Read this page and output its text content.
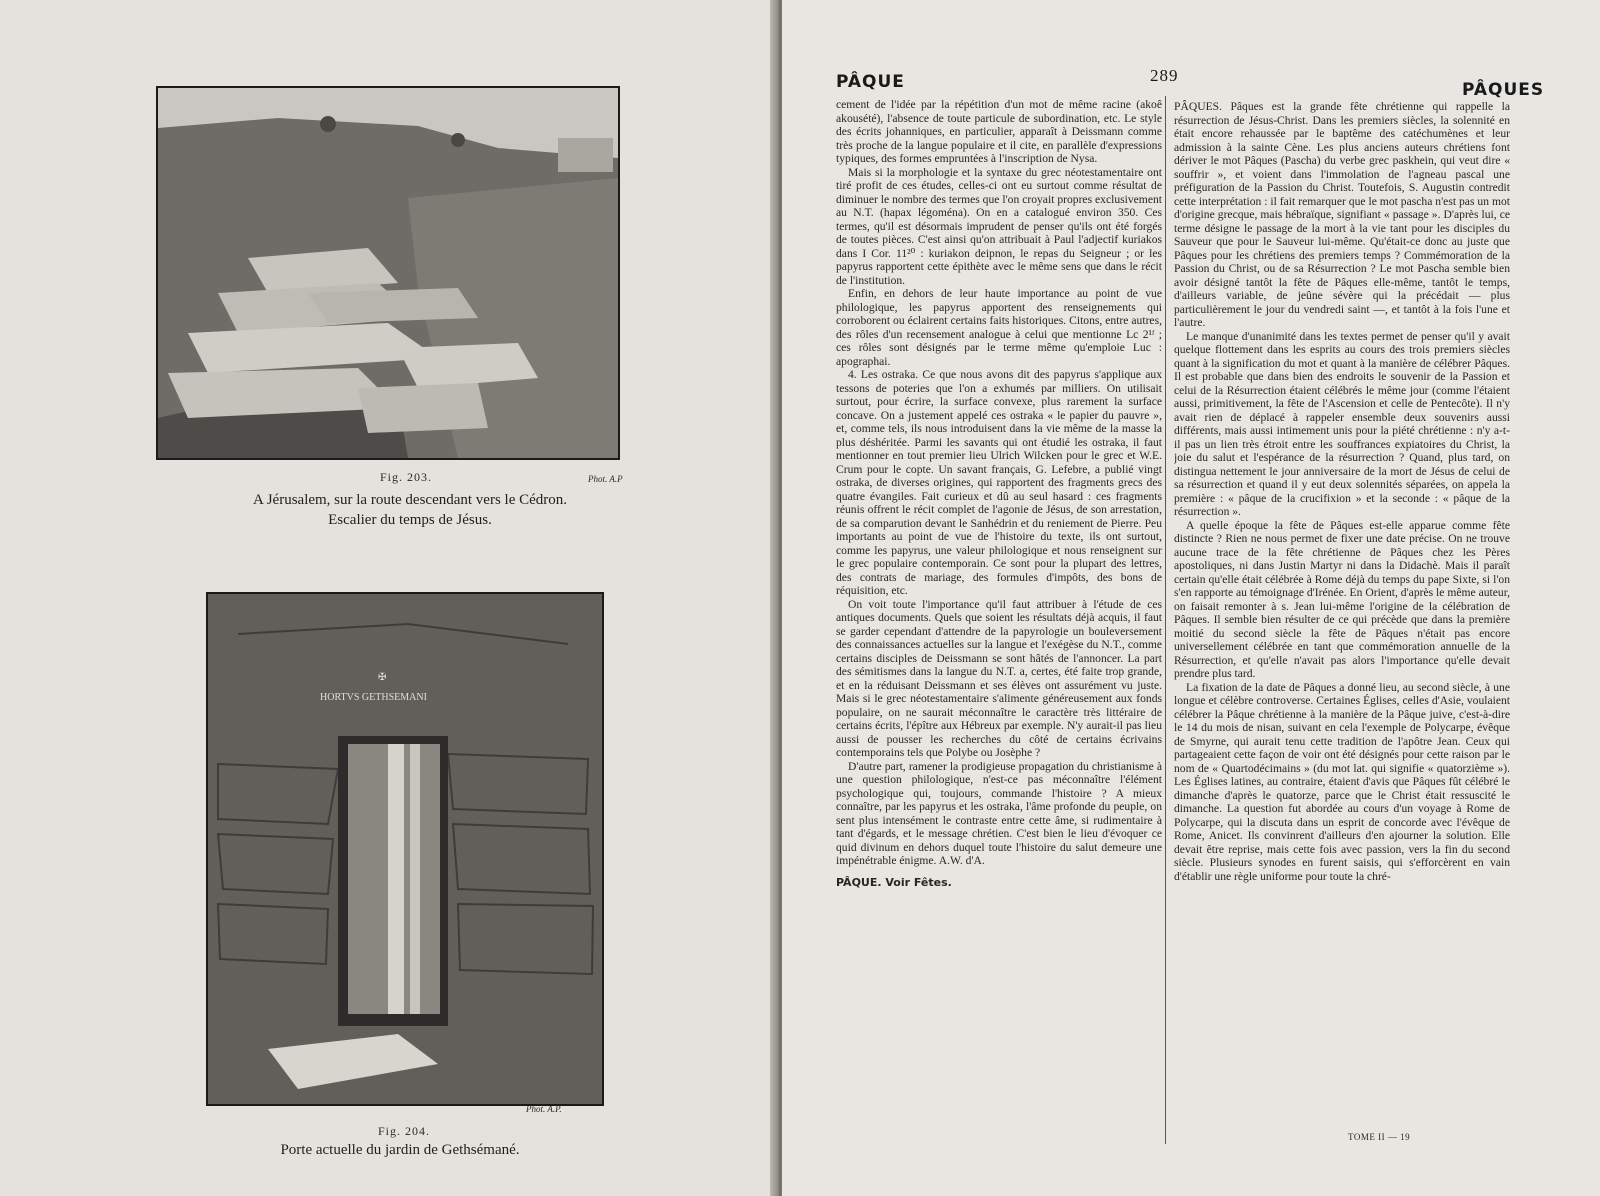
Fig. 203.	Phot. A.P
A Jérusalem, sur la route descendant vers le Cédron.
Escalier du temps de Jésus.
✠
HORTVS GETHSEMANI
Phot. A.P.
Fig. 204.
Porte actuelle du jardin de Gethsémané.
PÂQUE	289
PÂQUES

cement de l'idée par la répétition d'un mot de même racine (akoê akousété), l'absence de toute particule de subordination, etc. Le style des écrits johanniques, en particulier, apparaît à Deissmann comme très proche de la langue populaire et il cite, en parallèle d'expressions typiques, des formes empruntées à l'inscription de Nysa.

Mais si la morphologie et la syntaxe du grec néotestamentaire ont tiré profit de ces études, celles-ci ont eu surtout comme résultat de diminuer le nombre des termes que l'on croyait propres exclusivement au N.T. (hapax légoména). On en a catalogué environ 350. Ces termes, qu'il est désormais imprudent de penser qu'ils ont été forgés de toutes pièces. C'est ainsi qu'on attribuait à Paul l'adjectif kuriakos dans I Cor. 11²⁰ : kuriakon deipnon, le repas du Seigneur ; or les papyrus rapportent cette épithète avec le même sens que dans le récit de l'institution.

Enfin, en dehors de leur haute importance au point de vue philologique, les papyrus apportent des renseignements qui corroborent ou éclairent certains faits historiques. Citons, entre autres, des rôles d'un recensement analogue à celui que mentionne Lc 2¹ᶠ ; ces rôles sont désignés par le terme même qu'emploie Luc : apographai.

4. Les ostraka. Ce que nous avons dit des papyrus s'applique aux tessons de poteries que l'on a exhumés par milliers. On utilisait surtout, pour écrire, la surface convexe, plus rarement la surface concave. On a justement appelé ces ostraka « le papier du pauvre », et, comme tels, ils nous introduisent dans la vie même de la masse la plus déshéritée. Parmi les savants qui ont étudié les ostraka, il faut mentionner en tout premier lieu Ulrich Wilcken pour le grec et W.E. Crum pour le copte. Un savant français, G. Lefebre, a publié vingt ostraka, de diverses origines, qui rapportent des fragments grecs des quatre évangiles. Fait curieux et dû au seul hasard : ces fragments réunis offrent le récit complet de l'agonie de Jésus, de son arrestation, de sa comparution devant le Sanhédrin et du reniement de Pierre. Peu importants au point de vue de l'histoire du texte, ils ont surtout, comme les papyrus, une valeur philologique et nous renseignent sur le grec populaire contemporain. Ce sont pour la plupart des lettres, des contrats de mariage, des formules d'impôts, des bons de réquisition, etc.

On voit toute l'importance qu'il faut attribuer à l'étude de ces antiques documents. Quels que soient les résultats déjà acquis, il faut se garder cependant d'attendre de la papyrologie un bouleversement des connaissances actuelles sur la langue et l'exégèse du N.T., comme certains disciples de Deissmann se sont hâtés de l'annoncer. La part des sémitismes dans la langue du N.T. a, certes, été faite trop grande, et en la réduisant Deissmann et ses élèves ont assurément vu juste. Mais si le grec néotestamentaire s'alimente généreusement aux fonds populaire, on ne saurait méconnaître le caractère très littéraire de certains écrits, l'épître aux Hébreux par exemple. N'y aurait-il pas lieu aussi de pousser les recherches du côté de certains écrivains contemporains tels que Polybe ou Josèphe ?

D'autre part, ramener la prodigieuse propagation du christianisme à une question philologique, n'est-ce pas méconnaître l'élément psychologique qui, toujours, commande l'histoire ? A mieux connaître, par les papyrus et les ostraka, l'âme profonde du peuple, on sent plus intensément le contraste entre cette âme, si rudimentaire à tant d'égards, et le message chrétien. C'est bien le lieu d'évoquer ce quid divinum en dehors duquel toute l'histoire du salut demeure une impénétrable énigme. A.W. d'A.

PÂQUE. Voir Fêtes.

PÂQUES. Pâques est la grande fête chrétienne qui rappelle la résurrection de Jésus-Christ. Dans les premiers siècles, la solennité en était encore rehaussée par le baptême des catéchumènes et leur admission à la sainte Cène. Les plus anciens auteurs chrétiens font dériver le mot Pâques (Pascha) du verbe grec paskhein, qui veut dire « souffrir », et voient dans l'immolation de l'agneau pascal une préfiguration de la Passion du Christ. Toutefois, S. Augustin contredit cette interprétation : il fait remarquer que le mot pascha n'est pas un mot d'origine grecque, mais hébraïque, signifiant « passage ». D'après lui, ce terme désigne le passage de la mort à la vie tant pour les disciples du Sauveur que pour le Sauveur lui-même. Qu'était-ce donc au juste que Pâques pour les chrétiens des premiers temps ? Commémoration de la Passion du Christ, ou de sa Résurrection ? Le mot Pascha semble bien avoir désigné tantôt la fête de Pâques elle-même, tantôt le temps, d'ailleurs variable, de jeûne sévère qui la précédait — plus particulièrement le jour du vendredi saint —, et tantôt à la fois l'une et l'autre.

Le manque d'unanimité dans les textes permet de penser qu'il y avait quelque flottement dans les esprits au cours des trois premiers siècles quant à la signification du mot et quant à la manière de célébrer Pâques. Il est probable que dans bien des endroits le souvenir de la Passion et celui de la Résurrection étaient célébrés le même jour (comme l'étaient aussi, primitivement, la fête de l'Ascension et celle de Pentecôte). Il n'y avait rien de déplacé à rappeler ensemble deux souvenirs aussi différents, mais aussi intimement unis pour la piété chrétienne : n'y a-t-il pas un lien très étroit entre les souffrances expiatoires du Christ, la joie du salut et l'espérance de la résurrection ? Quand, plus tard, on distingua nettement le jour anniversaire de la mort de Jésus de celui de sa résurrection et quand il y eut deux solennités séparées, on appela la première : « pâque de la crucifixion » et la seconde : « pâque de la résurrection ».

A quelle époque la fête de Pâques est-elle apparue comme fête distincte ? Rien ne nous permet de fixer une date précise. On ne trouve aucune trace de la fête chrétienne de Pâques chez les Pères apostoliques, ni dans Justin Martyr ni dans la Didachè. Mais il paraît certain qu'elle était célébrée à Rome déjà du temps du pape Sixte, si l'on s'en rapporte au témoignage d'Irénée. En Orient, d'après le même auteur, on faisait remonter à s. Jean lui-même l'origine de la célébration de Pâques. Il semble bien résulter de ce qui précède que dans la première moitié du second siècle la fête de Pâques n'était pas encore universellement célébrée en tant que commémoration annuelle de la Résurrection, et qu'elle n'avait pas alors l'importance qu'elle devait prendre plus tard.

La fixation de la date de Pâques a donné lieu, au second siècle, à une longue et célèbre controverse. Certaines Églises, celles d'Asie, voulaient célébrer la Pâque chrétienne à la manière de la Pâque juive, c'est-à-dire le 14 du mois de nisan, suivant en cela l'exemple de Polycarpe, évêque de Smyrne, qui aurait tenu cette tradition de l'apôtre Jean. Ceux qui partageaient cette façon de voir ont été désignés pour cette raison par le nom de « Quartodécimains » (du mot lat. qui signifie « quatorzième »). Les Églises latines, au contraire, étaient d'avis que Pâques fût célébré le dimanche d'après le quatorze, parce que le Christ était ressuscité le dimanche. La question fut abordée au cours d'un voyage à Rome de Polycarpe, qui la discuta dans un esprit de concorde avec l'évêque de Rome, Anicet. Ils convinrent d'ailleurs d'en ajourner la solution. Elle devait être reprise, mais cette fois avec passion, vers la fin du second siècle. Plusieurs synodes en furent saisis, qui s'efforcèrent en vain d'établir une règle uniforme pour toute la chré-

TOME II — 19
